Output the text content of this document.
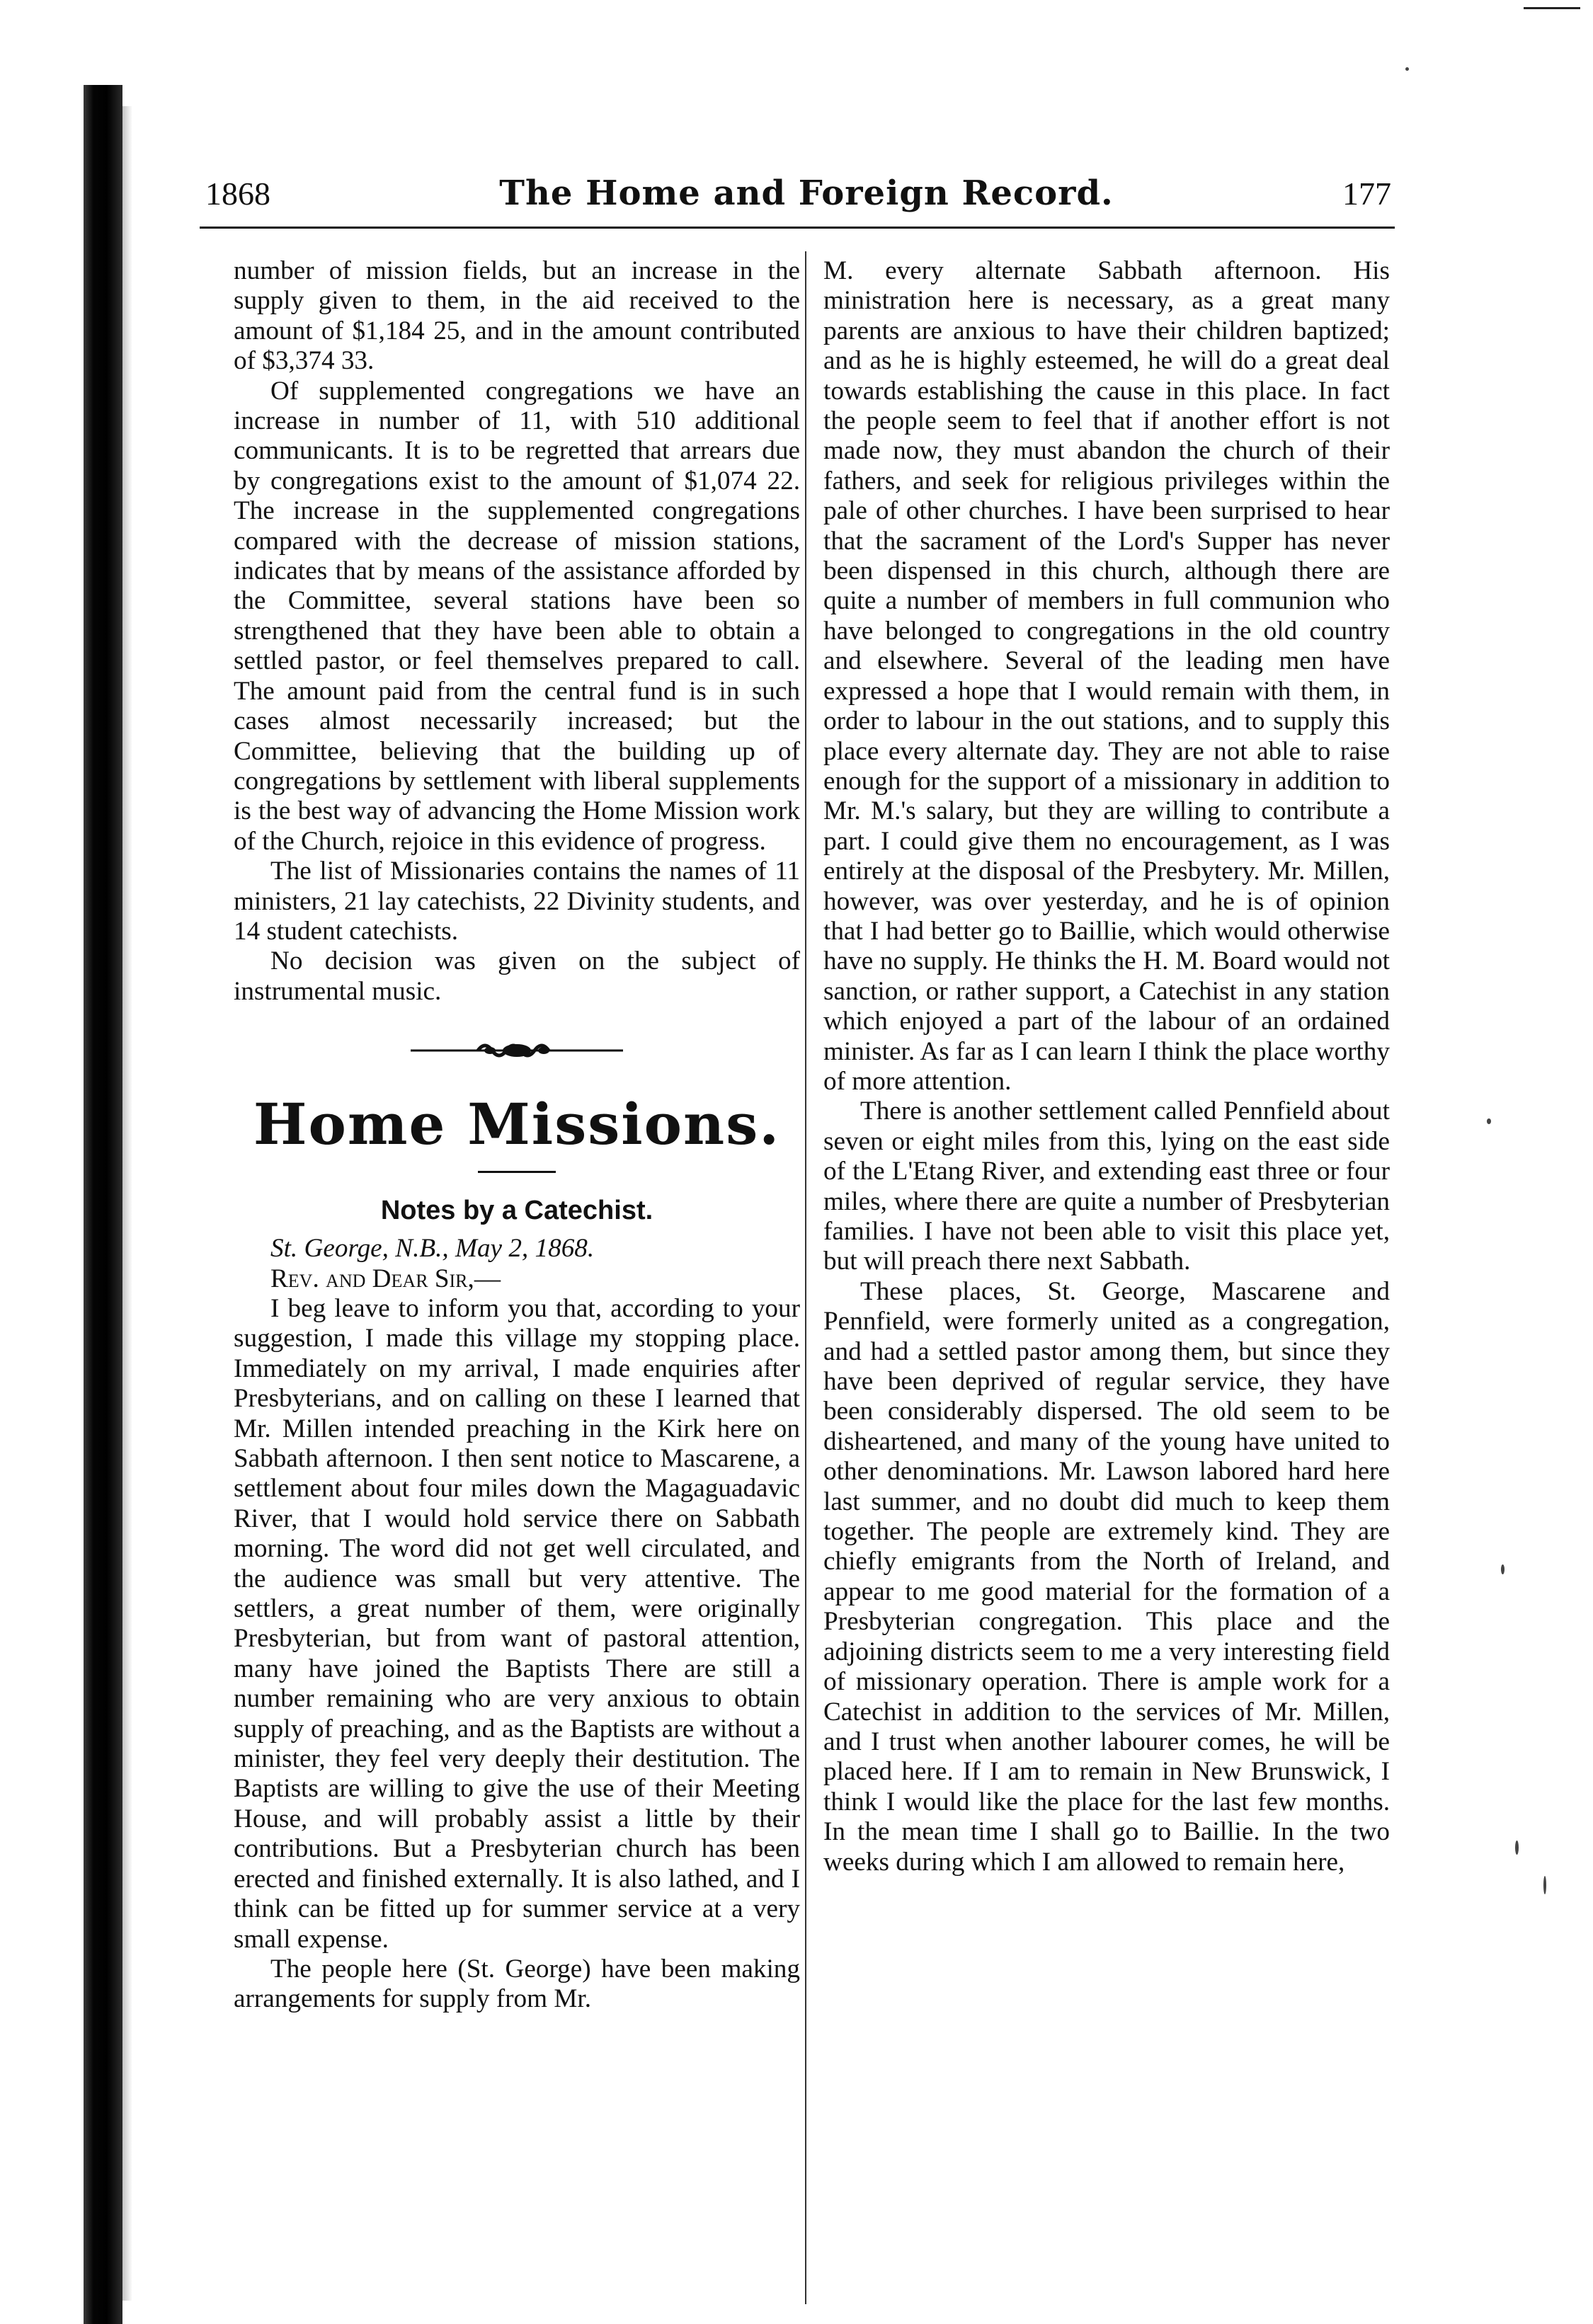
1868	The Home and Foreign Record.	177

number of mission fields, but an increase in the supply given to them, in the aid received to the amount of $1,184 25, and in the amount contributed of $3,374 33.

Of supplemented congregations we have an increase in number of 11, with 510 additional communicants. It is to be regretted that arrears due by congregations exist to the amount of $1,074 22. The increase in the supplemented congregations compared with the decrease of mission stations, indicates that by means of the assistance afforded by the Committee, several stations have been so strengthened that they have been able to obtain a settled pastor, or feel themselves prepared to call. The amount paid from the central fund is in such cases almost necessarily increased; but the Committee, believing that the building up of congregations by settlement with liberal supplements is the best way of advancing the Home Mission work of the Church, rejoice in this evidence of progress.

The list of Missionaries contains the names of 11 ministers, 21 lay catechists, 22 Divinity students, and 14 student catechists.

No decision was given on the subject of instrumental music.

Home Missions.
Notes by a Catechist.

St. George, N.B., May 2, 1868.

Rev. and Dear Sir,—

I beg leave to inform you that, according to your suggestion, I made this village my stopping place. Immediately on my arrival, I made enquiries after Presbyterians, and on calling on these I learned that Mr. Millen intended preaching in the Kirk here on Sabbath afternoon. I then sent notice to Mascarene, a settlement about four miles down the Magaguadavic River, that I would hold service there on Sabbath morning. The word did not get well circulated, and the audience was small but very attentive. The settlers, a great number of them, were originally Presbyterian, but from want of pastoral attention, many have joined the Baptists There are still a number remaining who are very anxious to obtain supply of preaching, and as the Baptists are without a minister, they feel very deeply their destitution. The Baptists are willing to give the use of their Meeting House, and will probably assist a little by their contributions. But a Presbyterian church has been erected and finished externally. It is also lathed, and I think can be fitted up for summer service at a very small expense.

The people here (St. George) have been making arrangements for supply from Mr.

M. every alternate Sabbath afternoon. His ministration here is necessary, as a great many parents are anxious to have their children baptized; and as he is highly esteemed, he will do a great deal towards establishing the cause in this place. In fact the people seem to feel that if another effort is not made now, they must abandon the church of their fathers, and seek for religious privileges within the pale of other churches. I have been surprised to hear that the sacrament of the Lord's Supper has never been dispensed in this church, although there are quite a number of members in full communion who have belonged to congregations in the old country and elsewhere. Several of the leading men have expressed a hope that I would remain with them, in order to labour in the out stations, and to supply this place every alternate day. They are not able to raise enough for the support of a missionary in addition to Mr. M.'s salary, but they are willing to contribute a part. I could give them no encouragement, as I was entirely at the disposal of the Presbytery. Mr. Millen, however, was over yesterday, and he is of opinion that I had better go to Baillie, which would otherwise have no supply. He thinks the H. M. Board would not sanction, or rather support, a Catechist in any station which enjoyed a part of the labour of an ordained minister. As far as I can learn I think the place worthy of more attention.

There is another settlement called Pennfield about seven or eight miles from this, lying on the east side of the L'Etang River, and extending east three or four miles, where there are quite a number of Presbyterian families. I have not been able to visit this place yet, but will preach there next Sabbath.

These places, St. George, Mascarene and Pennfield, were formerly united as a congregation, and had a settled pastor among them, but since they have been deprived of regular service, they have been considerably dispersed. The old seem to be disheartened, and many of the young have united to other denominations. Mr. Lawson labored hard here last summer, and no doubt did much to keep them together. The people are extremely kind. They are chiefly emigrants from the North of Ireland, and appear to me good material for the formation of a Presbyterian congregation. This place and the adjoining districts seem to me a very interesting field of missionary operation. There is ample work for a Catechist in addition to the services of Mr. Millen, and I trust when another labourer comes, he will be placed here. If I am to remain in New Brunswick, I think I would like the place for the last few months. In the mean time I shall go to Baillie. In the two weeks during which I am allowed to remain here,
